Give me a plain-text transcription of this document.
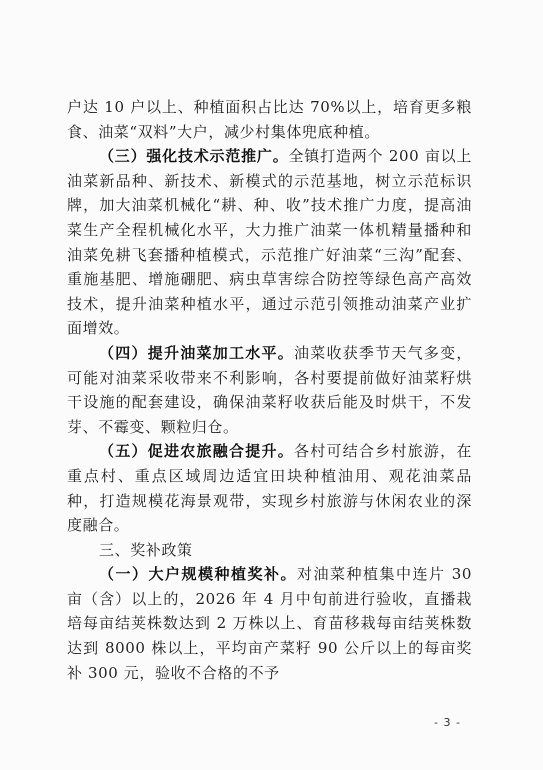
户达 10 户以上、种植面积占比达 70%以上，培育更多粮食、油菜“双料”大户，减少村集体兜底种植。

（三）强化技术示范推广。全镇打造两个 200 亩以上油菜新品种、新技术、新模式的示范基地，树立示范标识牌，加大油菜机械化“耕、种、收”技术推广力度，提高油菜生产全程机械化水平，大力推广油菜一体机精量播种和油菜免耕飞套播种植模式，示范推广好油菜“三沟”配套、重施基肥、增施硼肥、病虫草害综合防控等绿色高产高效技术，提升油菜种植水平，通过示范引领推动油菜产业扩面增效。

（四）提升油菜加工水平。油菜收获季节天气多变，可能对油菜采收带来不利影响，各村要提前做好油菜籽烘干设施的配套建设，确保油菜籽收获后能及时烘干，不发芽、不霉变、颗粒归仓。

（五）促进农旅融合提升。各村可结合乡村旅游，在重点村、重点区域周边适宜田块种植油用、观花油菜品种，打造规模花海景观带，实现乡村旅游与休闲农业的深度融合。

三、奖补政策

（一）大户规模种植奖补。对油菜种植集中连片 30 亩（含）以上的，2026 年 4 月中旬前进行验收，直播栽培每亩结荚株数达到 2 万株以上、育苗移栽每亩结荚株数达到 8000 株以上，平均亩产菜籽 90 公斤以上的每亩奖补 300 元，验收不合格的不予

- 3 -
